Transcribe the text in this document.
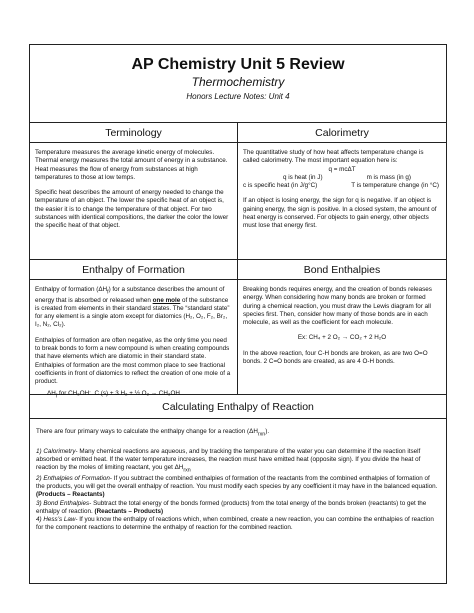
AP Chemistry Unit 5 Review
Thermochemistry
Honors Lecture Notes: Unit 4
Terminology

Temperature measures the average kinetic energy of molecules. Thermal energy measures the total amount of energy in a substance. Heat measures the flow of energy from substances at high temperatures to those at low temps.

Specific heat describes the amount of energy needed to change the temperature of an object. The lower the specific heat of an object is, the easier it is to change the temperature of that object. For two substances with identical compositions, the darker the color the lower the specific heat of that object.

Calorimetry

The quantitative study of how heat affects temperature change is called calorimetry. The most important equation here is:

q = mcΔT
q is heat (in J)	m is mass (in g)
c is specific heat (in J/g°C)	T is temperature change (in °C)

If an object is losing energy, the sign for q is negative. If an object is gaining energy, the sign is positive. In a closed system, the amount of heat energy is conserved. For objects to gain energy, other objects must lose that energy first.

Enthalpy of Formation

Enthalpy of formation $(\Delta H_f)$ for a substance describes the amount of energy that is absorbed or released when one mole of the substance is created from elements in their standard states. The “standard state” for any element is a single atom except for diatomics (H₂, O₂, F₂, Br₂, I₂, N₂, Cl₂).

Enthalpies of formation are often negative, as the only time you need to break bonds to form a new compound is when creating compounds that have elements which are diatomic in their standard state. Enthalpies of formation are the most common place to see fractional coefficients in front of diatomics to reflect the creation of one mole of a product.

$\Delta H_f$ for CH₃OH: C (s) + 3 H₂ + ½ O₂ → CH₃OH
Bond Enthalpies

Breaking bonds requires energy, and the creation of bonds releases energy. When considering how many bonds are broken or formed during a chemical reaction, you must draw the Lewis diagram for all species first. Then, consider how many of those bonds are in each molecule, as well as the coefficient for each molecule.

Ex: CH₄ + 2 O₂ → CO₂ + 2 H₂O

In the above reaction, four C-H bonds are broken, as are two O=O bonds. 2 C=O bonds are created, as are 4 O-H bonds.

Calculating Enthalpy of Reaction

There are four primary ways to calculate the enthalpy change for a reaction $(\Delta H_{rxn})$.

1) Calorimetry- Many chemical reactions are aqueous, and by tracking the temperature of the water you can determine if the reaction itself absorbed or emitted heat. If the water temperature increases, the reaction must have emitted heat (opposite sign). If you divide the heat of reaction by the moles of limiting reactant, you get $\Delta H_{rxn}$

2) Enthalpies of Formation- If you subtract the combined enthalpies of formation of the reactants from the combined enthalpies of formation of the products, you will get the overall enthalpy of reaction. You must modify each species by any coefficient it may have in the balanced equation. (Products – Reactants)

3) Bond Enthalpies- Subtract the total energy of the bonds formed (products) from the total energy of the bonds broken (reactants) to get the enthalpy of reaction. (Reactants – Products)

4) Hess’s Law- If you know the enthalpy of reactions which, when combined, create a new reaction, you can combine the enthalpies of reaction for the component reactions to determine the enthalpy of reaction for the combined reaction.
